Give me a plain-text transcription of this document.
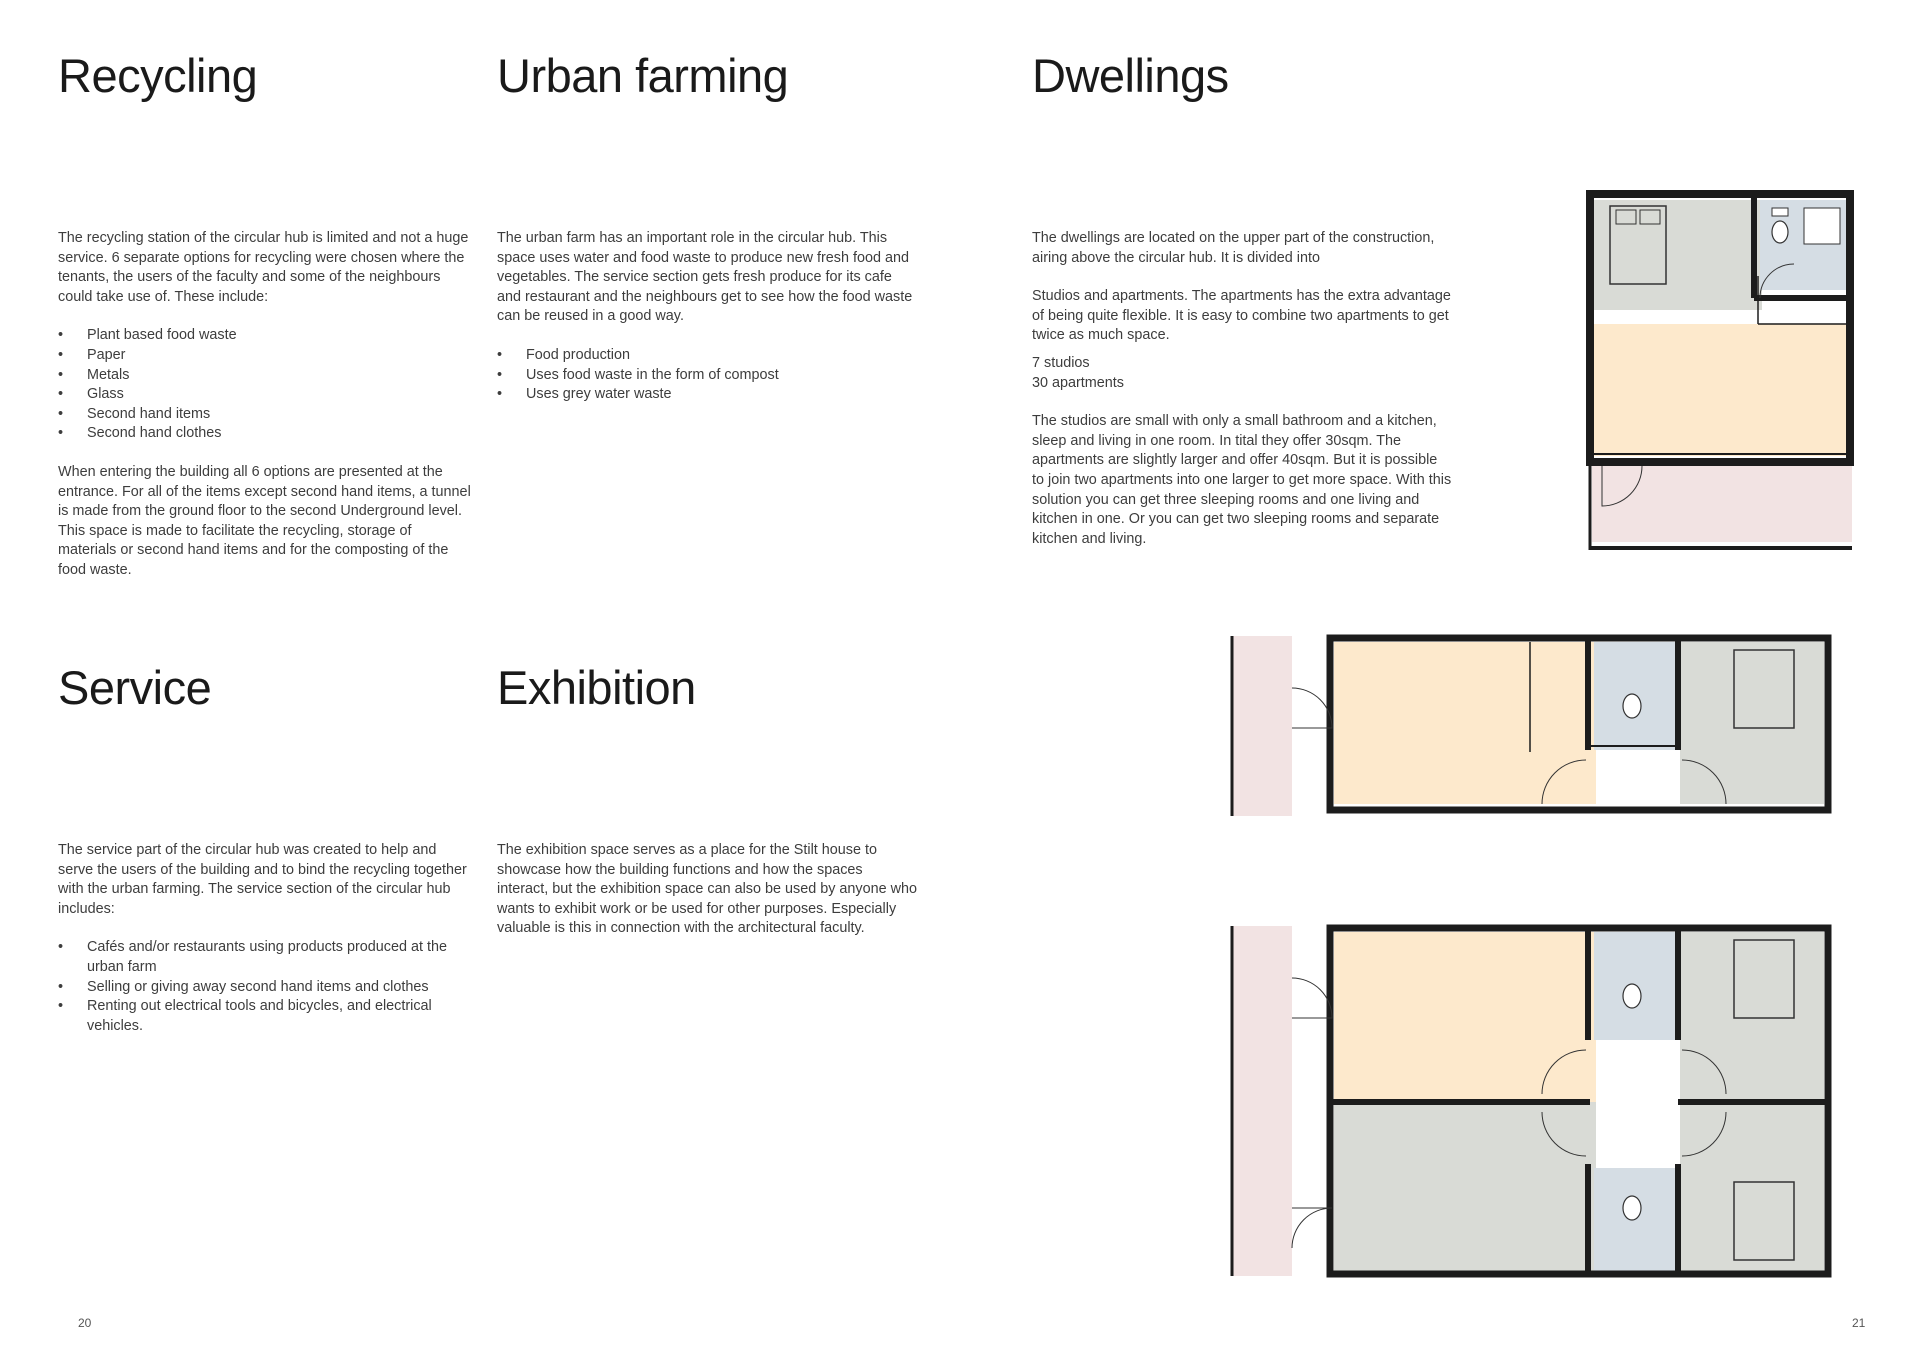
Recycling

The recycling station of the circular hub is limited and not a huge service. 6 separate options for recycling were chosen where the tenants, the users of the faculty and some of the neighbours could take use of. These include:

• Plant based food waste
• Paper
• Metals
• Glass
• Second hand items
• Second hand clothes

When entering the building all 6 options are presented at the entrance. For all of the items except second hand items, a tunnel is made from the ground floor to the second Underground level. This space is made to facilitate the recycling, storage of materials or second hand items and for the composting of the food waste.

Urban farming

The urban farm has an important role in the circular hub. This space uses water and food waste to produce new fresh food and vegetables. The service section gets fresh produce for its cafe and restaurant and the neighbours get to see how the food waste can be reused in a good way.

• Food production
• Uses food waste in the form of compost
• Uses grey water waste
Service

The service part of the circular hub was created to help and serve the users of the building and to bind the recycling together with the urban farming. The service section of the circular hub includes:

• Cafés and/or restaurants using products produced at the urban farm
• Selling or giving away second hand items and clothes
• Renting out electrical tools and bicycles, and electrical vehicles.
Exhibition

The exhibition space serves as a place for the Stilt house to showcase how the building functions and how the spaces interact, but the exhibition space can also be used by anyone who wants to exhibit work or be used for other purposes. Especially valuable is this in connection with the architectural faculty.

20
Dwellings

The dwellings are located on the upper part of the construction, airing above the circular hub. It is divided into

Studios and apartments. The apartments has the extra advantage of being quite flexible. It is easy to combine two apartments to get twice as much space.

7 studios

30 apartments

The studios are small with only a small bathroom and a kitchen, sleep and living in one room. In tital they offer 30sqm. The apartments are slightly larger and offer 40sqm. But it is possible to join two apartments into one larger to get more space. With this solution you can get three sleeping rooms and one living and kitchen in one. Or you can get two sleeping rooms and separate kitchen and living.

21
